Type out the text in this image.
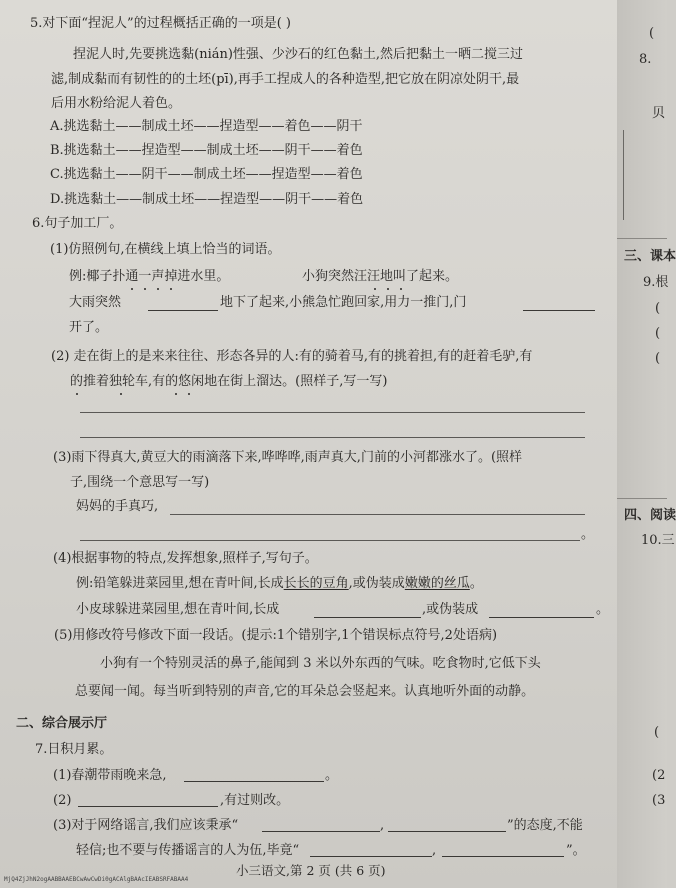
5.对下面“捏泥人”的过程概括正确的一项是( )
捏泥人时,先要挑选黏(nián)性强、少沙石的红色黏土,然后把黏土一晒二搅三过
滤,制成黏而有韧性的的土坯(pī),再手工捏成人的各种造型,把它放在阴凉处阴干,最
后用水粉给泥人着色。
A.挑选黏土——制成土坯——捏造型——着色——阴干
B.挑选黏土——捏造型——制成土坯——阴干——着色
C.挑选黏土——阴干——制成土坯——捏造型——着色
D.挑选黏土——制成土坯——捏造型——阴干——着色
6.句子加工厂。
(1)仿照例句,在横线上填上恰当的词语。
例:椰子扑通一声掉进水里。	小狗突然汪汪地叫了起来。
大雨突然	地下了起来,小熊急忙跑回家,用力一推门,门
开了。
(2) 走在街上的是来来往往、形态各异的人:有的骑着马,有的挑着担,有的赶着毛驴,有
的推着独轮车,有的悠闲地在街上溜达。(照样子,写一写)
(3)雨下得真大,黄豆大的雨滴落下来,哗哗哗,雨声真大,门前的小河都涨水了。(照样
子,围绕一个意思写一写)
妈妈的手真巧,
。
(4)根据事物的特点,发挥想象,照样子,写句子。
例:铅笔躲进菜园里,想在青叶间,长成长长的豆角,或伪装成嫩嫩的丝瓜。
小皮球躲进菜园里,想在青叶间,长成	,或伪装成	。
(5)用修改符号修改下面一段话。(提示:1个错别字,1个错误标点符号,2处语病)
小狗有一个特别灵活的鼻子,能闻到 3 米以外东西的气味。吃食物时,它低下头
总要闻一闻。每当听到特别的声音,它的耳朵总会竖起来。认真地听外面的动静。
二、综合展示厅
7.日积月累。
(1)春潮带雨晚来急,	。
(2)	,有过则改。
(3)对于网络谣言,我们应该秉承“	,	”的态度,不能
轻信;也不要与传播谣言的人为伍,毕竟“	,	”。
小三语文,第 2 页 (共 6 页)
MjQ4ZjJhN2ogAABBAAEBCwAwCwDi0gACAlgBAAcIEABSRFABAA4
(
8.
贝
三、课本
9.根
(
(
(
四、阅读
10.三
(
(2
(3
